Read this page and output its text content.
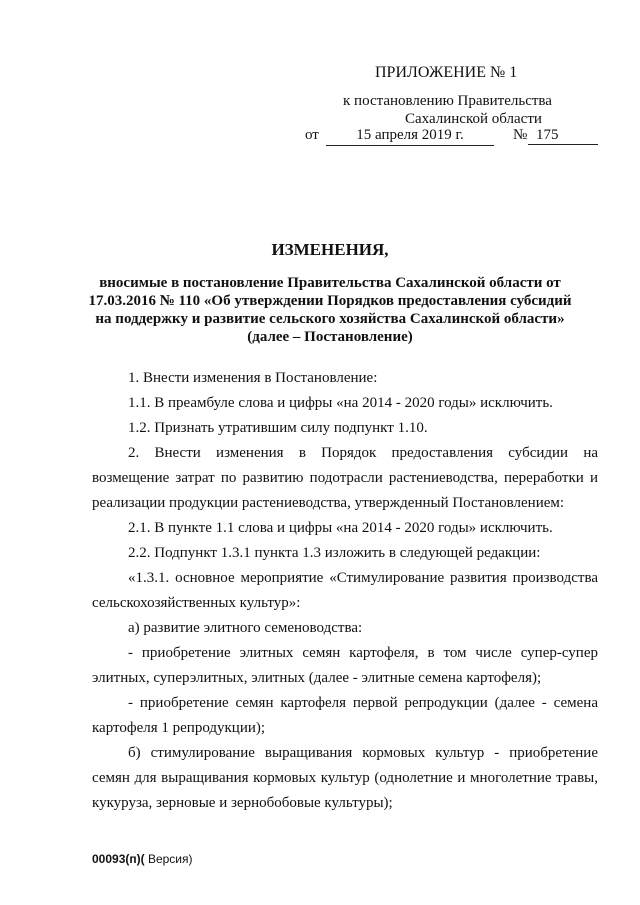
ПРИЛОЖЕНИЕ № 1
к постановлению Правительства
Сахалинской области
от	15 апреля 2019 г.	№ 175
ИЗМЕНЕНИЯ,
вносимые в постановление Правительства Сахалинской области от 17.03.2016 № 110 «Об утверждении Порядков предоставления субсидий на поддержку и развитие сельского хозяйства Сахалинской области» (далее – Постановление)

1. Внести изменения в Постановление:

1.1. В преамбуле слова и цифры «на 2014 - 2020 годы» исключить.

1.2. Признать утратившим силу подпункт 1.10.

2. Внести изменения в Порядок предоставления субсидии на возмещение затрат по развитию подотрасли растениеводства, переработки и реализации продукции растениеводства, утвержденный Постановлением:

2.1. В пункте 1.1 слова и цифры «на 2014 - 2020 годы» исключить.

2.2. Подпункт 1.3.1 пункта 1.3 изложить в следующей редакции:

«1.3.1. основное мероприятие «Стимулирование развития производства сельскохозяйственных культур»:

а) развитие элитного семеноводства:

- приобретение элитных семян картофеля, в том числе супер-супер элитных, суперэлитных, элитных (далее - элитные семена картофеля);

- приобретение семян картофеля первой репродукции (далее - семена картофеля 1 репродукции);

б) стимулирование выращивания кормовых культур - приобретение семян для выращивания кормовых культур (однолетние и многолетние травы, кукуруза, зерновые и зернобобовые культуры);

00093(п)( Версия)
